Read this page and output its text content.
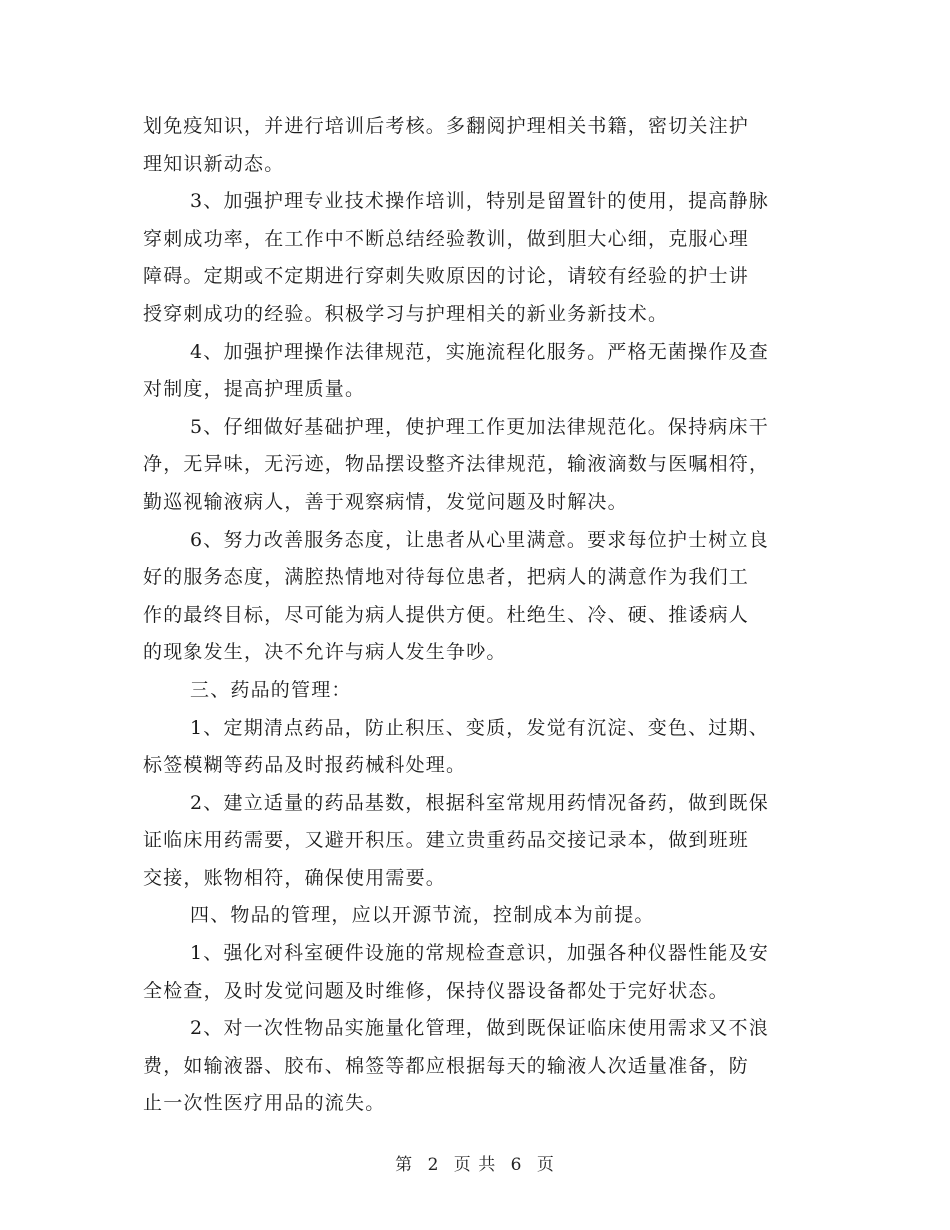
划免疫知识，并进行培训后考核。多翻阅护理相关书籍，密切关注护
理知识新动态。
3、加强护理专业技术操作培训，特别是留置针的使用，提高静脉
穿刺成功率，在工作中不断总结经验教训，做到胆大心细，克服心理
障碍。定期或不定期进行穿刺失败原因的讨论，请较有经验的护士讲
授穿刺成功的经验。积极学习与护理相关的新业务新技术。
4、加强护理操作法律规范，实施流程化服务。严格无菌操作及查
对制度，提高护理质量。
5、仔细做好基础护理，使护理工作更加法律规范化。保持病床干
净，无异味，无污迹，物品摆设整齐法律规范，输液滴数与医嘱相符，
勤巡视输液病人，善于观察病情，发觉问题及时解决。
6、努力改善服务态度，让患者从心里满意。要求每位护士树立良
好的服务态度，满腔热情地对待每位患者，把病人的满意作为我们工
作的最终目标，尽可能为病人提供方便。杜绝生、冷、硬、推诿病人
的现象发生，决不允许与病人发生争吵。
三、药品的管理：
1、定期清点药品，防止积压、变质，发觉有沉淀、变色、过期、
标签模糊等药品及时报药械科处理。
2、建立适量的药品基数，根据科室常规用药情况备药，做到既保
证临床用药需要，又避开积压。建立贵重药品交接记录本，做到班班
交接，账物相符，确保使用需要。
四、物品的管理，应以开源节流，控制成本为前提。
1、强化对科室硬件设施的常规检查意识，加强各种仪器性能及安
全检查，及时发觉问题及时维修，保持仪器设备都处于完好状态。
2、对一次性物品实施量化管理，做到既保证临床使用需求又不浪
费，如输液器、胶布、棉签等都应根据每天的输液人次适量准备，防
止一次性医疗用品的流失。
第 2 页 共 6 页
